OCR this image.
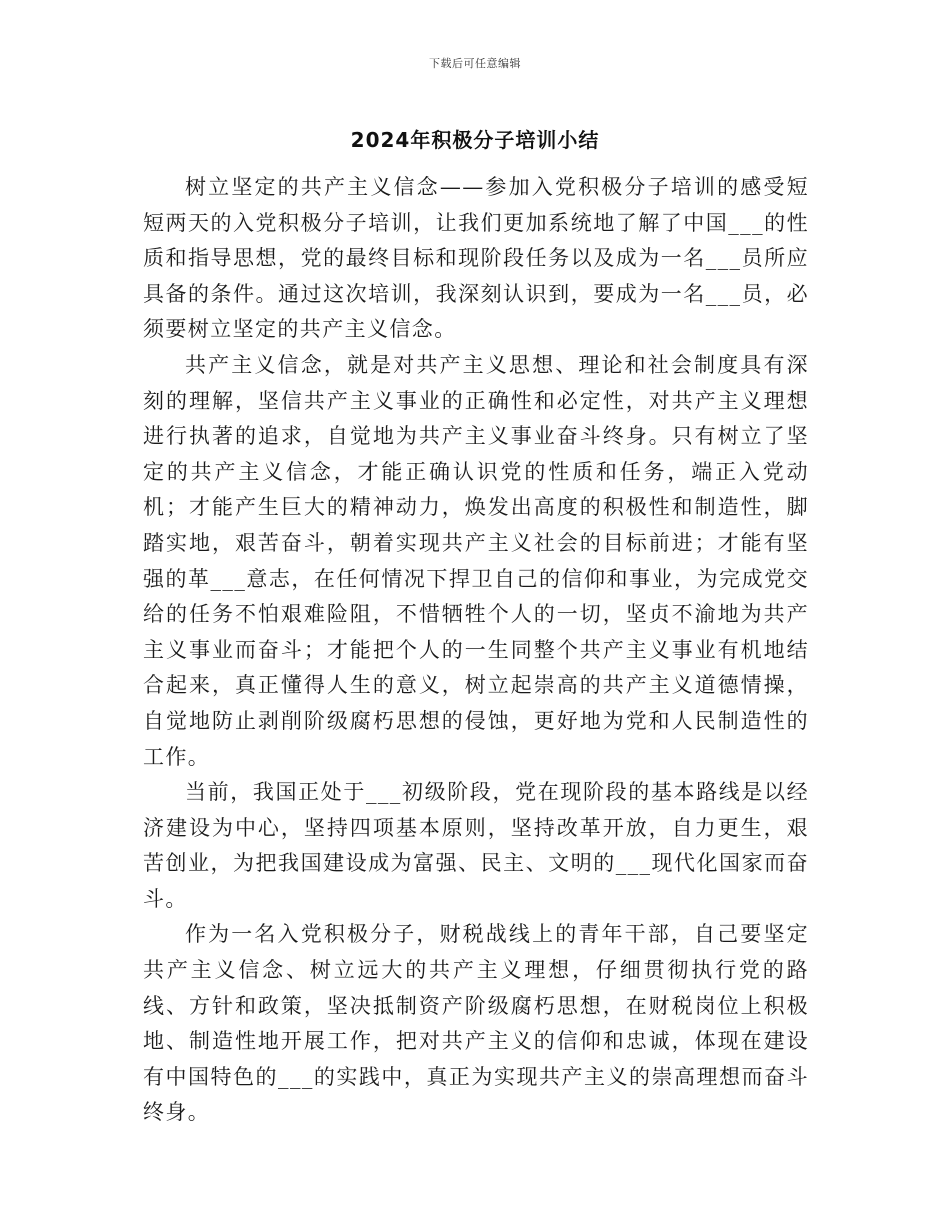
下载后可任意编辑
2024年积极分子培训小结

树立坚定的共产主义信念——参加入党积极分子培训的感受短短两天的入党积极分子培训，让我们更加系统地了解了中国___的性质和指导思想，党的最终目标和现阶段任务以及成为一名___员所应具备的条件。通过这次培训，我深刻认识到，要成为一名___员，必须要树立坚定的共产主义信念。

共产主义信念，就是对共产主义思想、理论和社会制度具有深刻的理解，坚信共产主义事业的正确性和必定性，对共产主义理想进行执著的追求，自觉地为共产主义事业奋斗终身。只有树立了坚定的共产主义信念，才能正确认识党的性质和任务，端正入党动机；才能产生巨大的精神动力，焕发出高度的积极性和制造性，脚踏实地，艰苦奋斗，朝着实现共产主义社会的目标前进；才能有坚强的革___意志，在任何情况下捍卫自己的信仰和事业，为完成党交给的任务不怕艰难险阻，不惜牺牲个人的一切，坚贞不渝地为共产主义事业而奋斗；才能把个人的一生同整个共产主义事业有机地结合起来，真正懂得人生的意义，树立起崇高的共产主义道德情操，自觉地防止剥削阶级腐朽思想的侵蚀，更好地为党和人民制造性的工作。

当前，我国正处于___初级阶段，党在现阶段的基本路线是以经济建设为中心，坚持四项基本原则，坚持改革开放，自力更生，艰苦创业，为把我国建设成为富强、民主、文明的___现代化国家而奋斗。

作为一名入党积极分子，财税战线上的青年干部，自己要坚定共产主义信念、树立远大的共产主义理想，仔细贯彻执行党的路线、方针和政策，坚决抵制资产阶级腐朽思想，在财税岗位上积极地、制造性地开展工作，把对共产主义的信仰和忠诚，体现在建设有中国特色的___的实践中，真正为实现共产主义的崇高理想而奋斗终身。
